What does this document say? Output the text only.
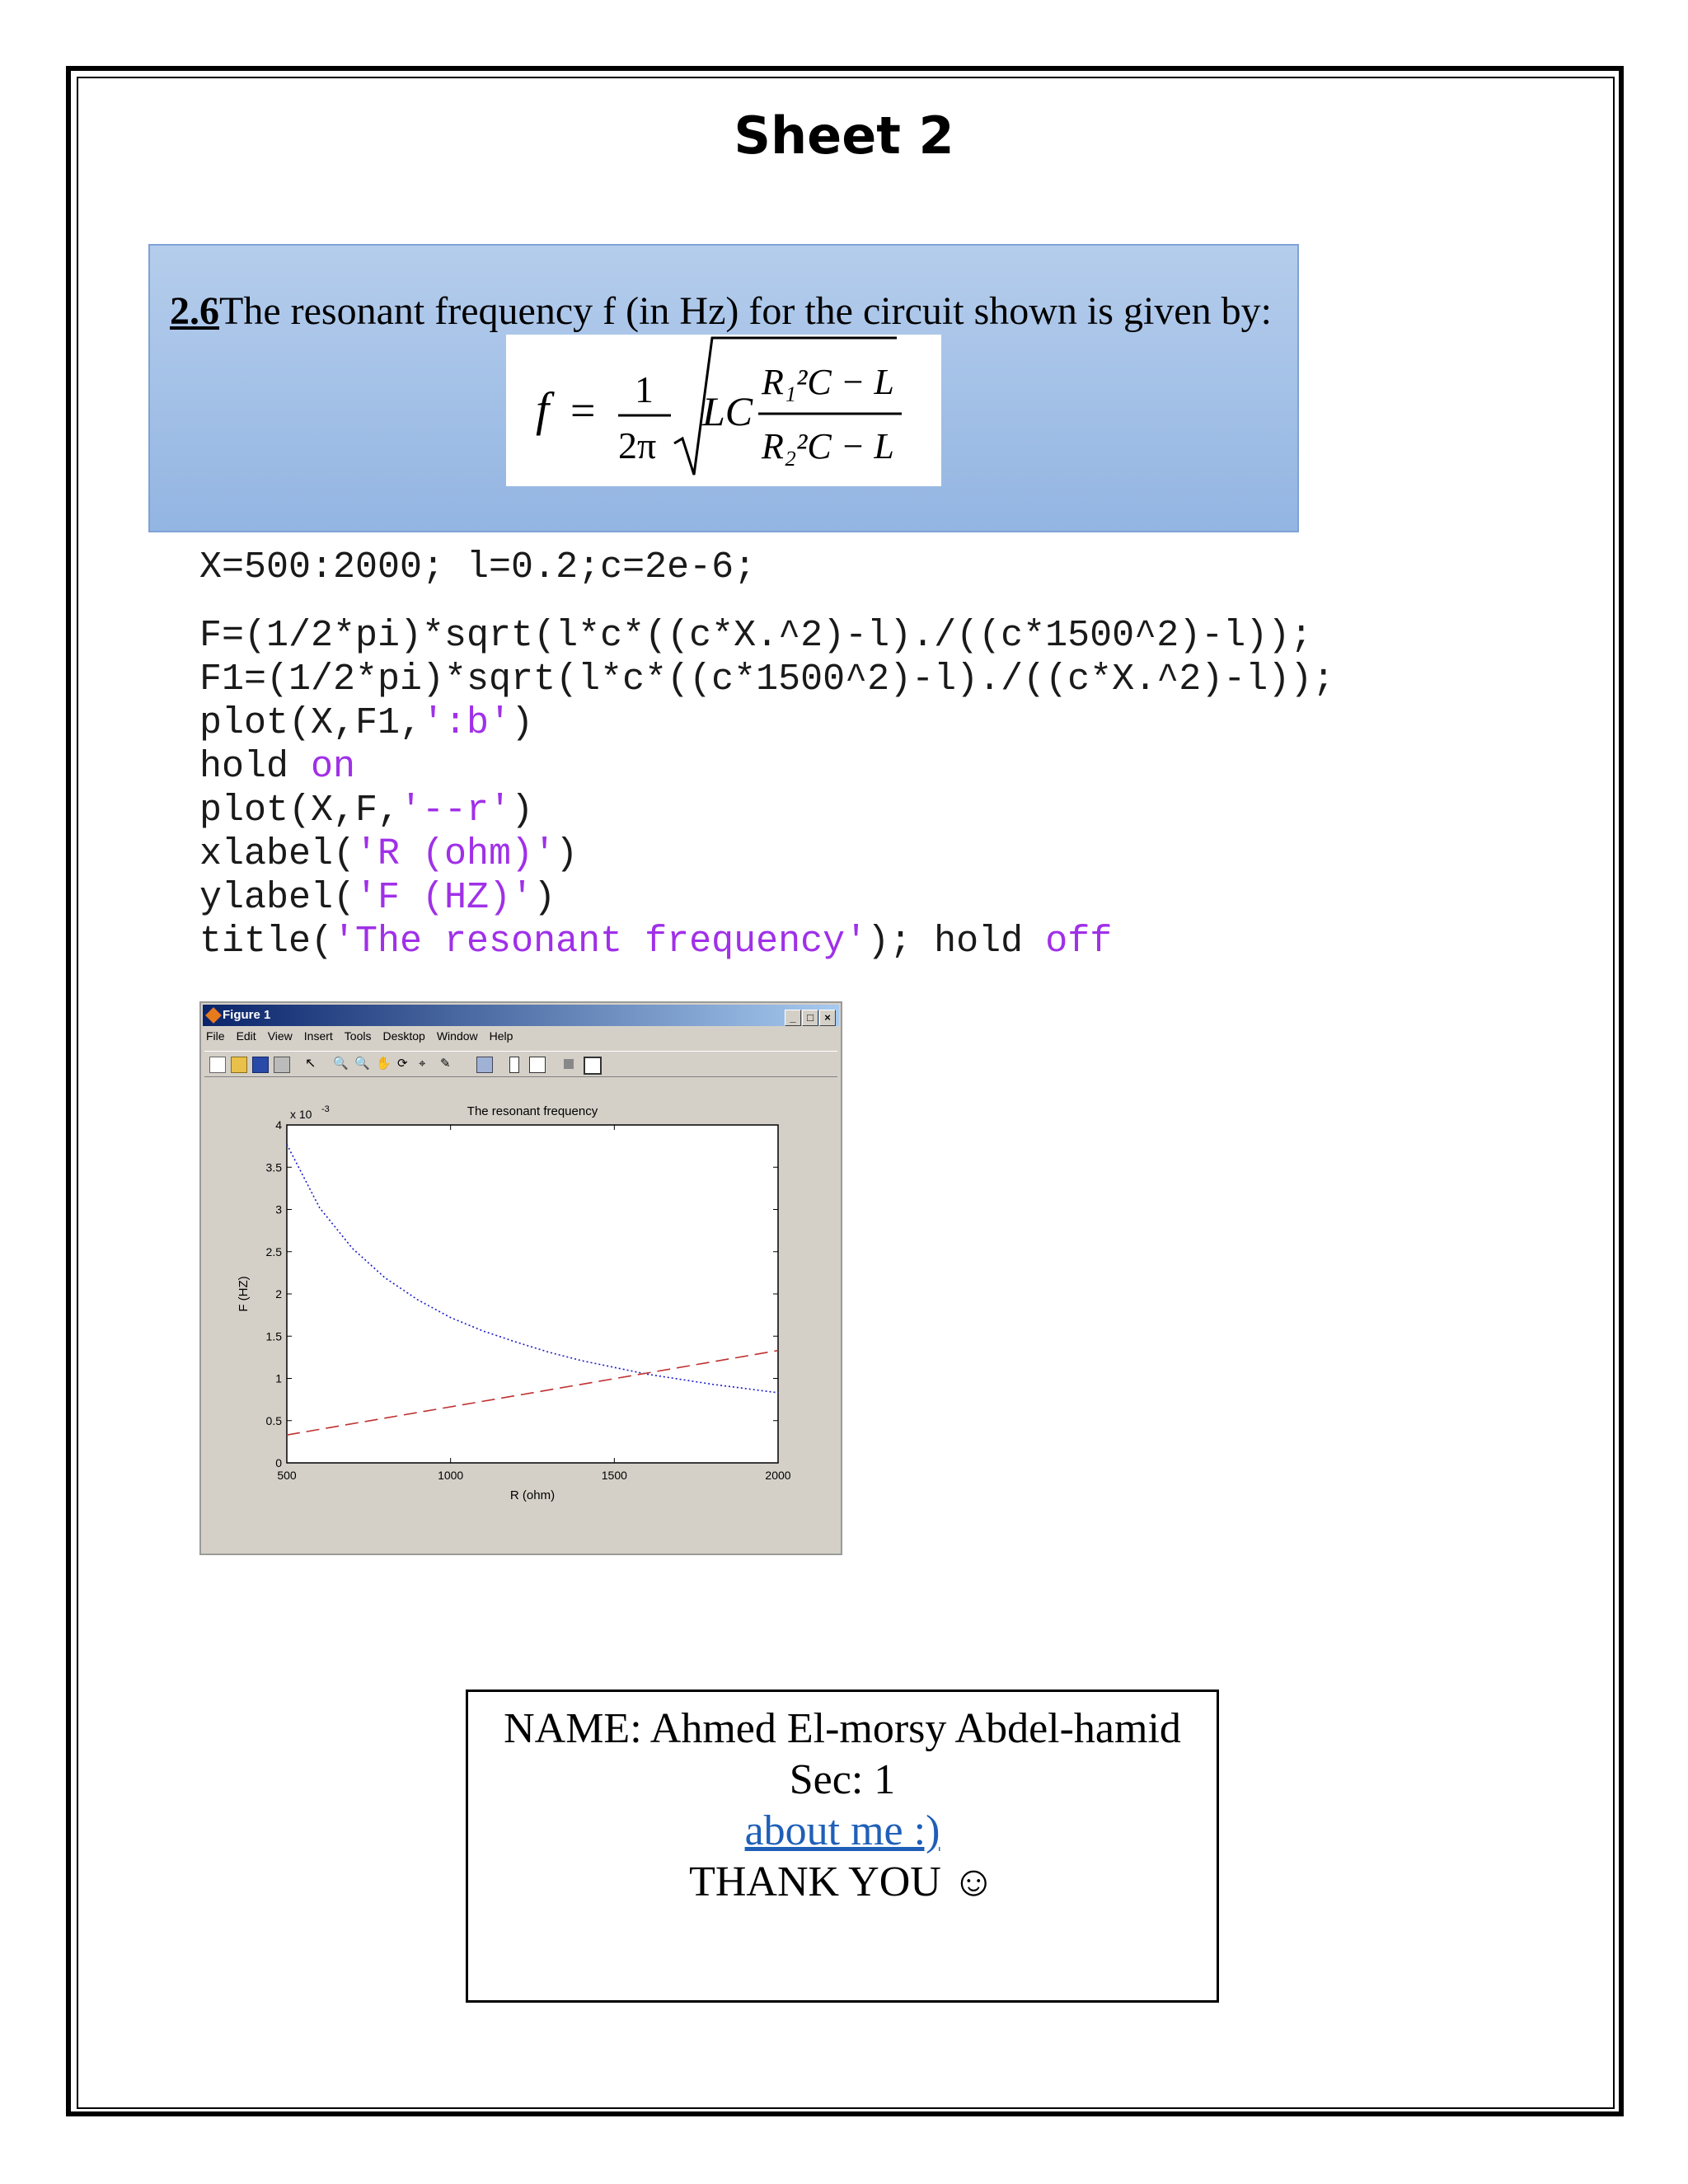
Sheet 2
2.6The resonant frequency f (in Hz) for the circuit shown is given by:
f = 1
2π
LC
R₁²C − L
R₂²C − L
X=500:2000; l=0.2;c=2e-6;
F=(1/2*pi)*sqrt(l*c*((c*X.^2)-l)./((c*1500^2)-l));
F1=(1/2*pi)*sqrt(l*c*((c*1500^2)-l)./((c*X.^2)-l));
plot(X,F1,':b')
hold on
plot(X,F,'--r')
xlabel('R (ohm)')
ylabel('F (HZ)')
title('The resonant frequency'); hold off
Figure 1	_ □ ×
File Edit View Insert Tools Desktop Window Help
↖	🔍 🔍 ✋ ⟳ ⌖	✎
The resonant frequency
500	1000	1500	2000
0
0.5
1
1.5
2
2.5
3
3.5
4
x 10 -3
R (ohm)
F (HZ)
NAME: Ahmed El-morsy Abdel-hamid
Sec: 1
about me :)
THANK YOU ☺
